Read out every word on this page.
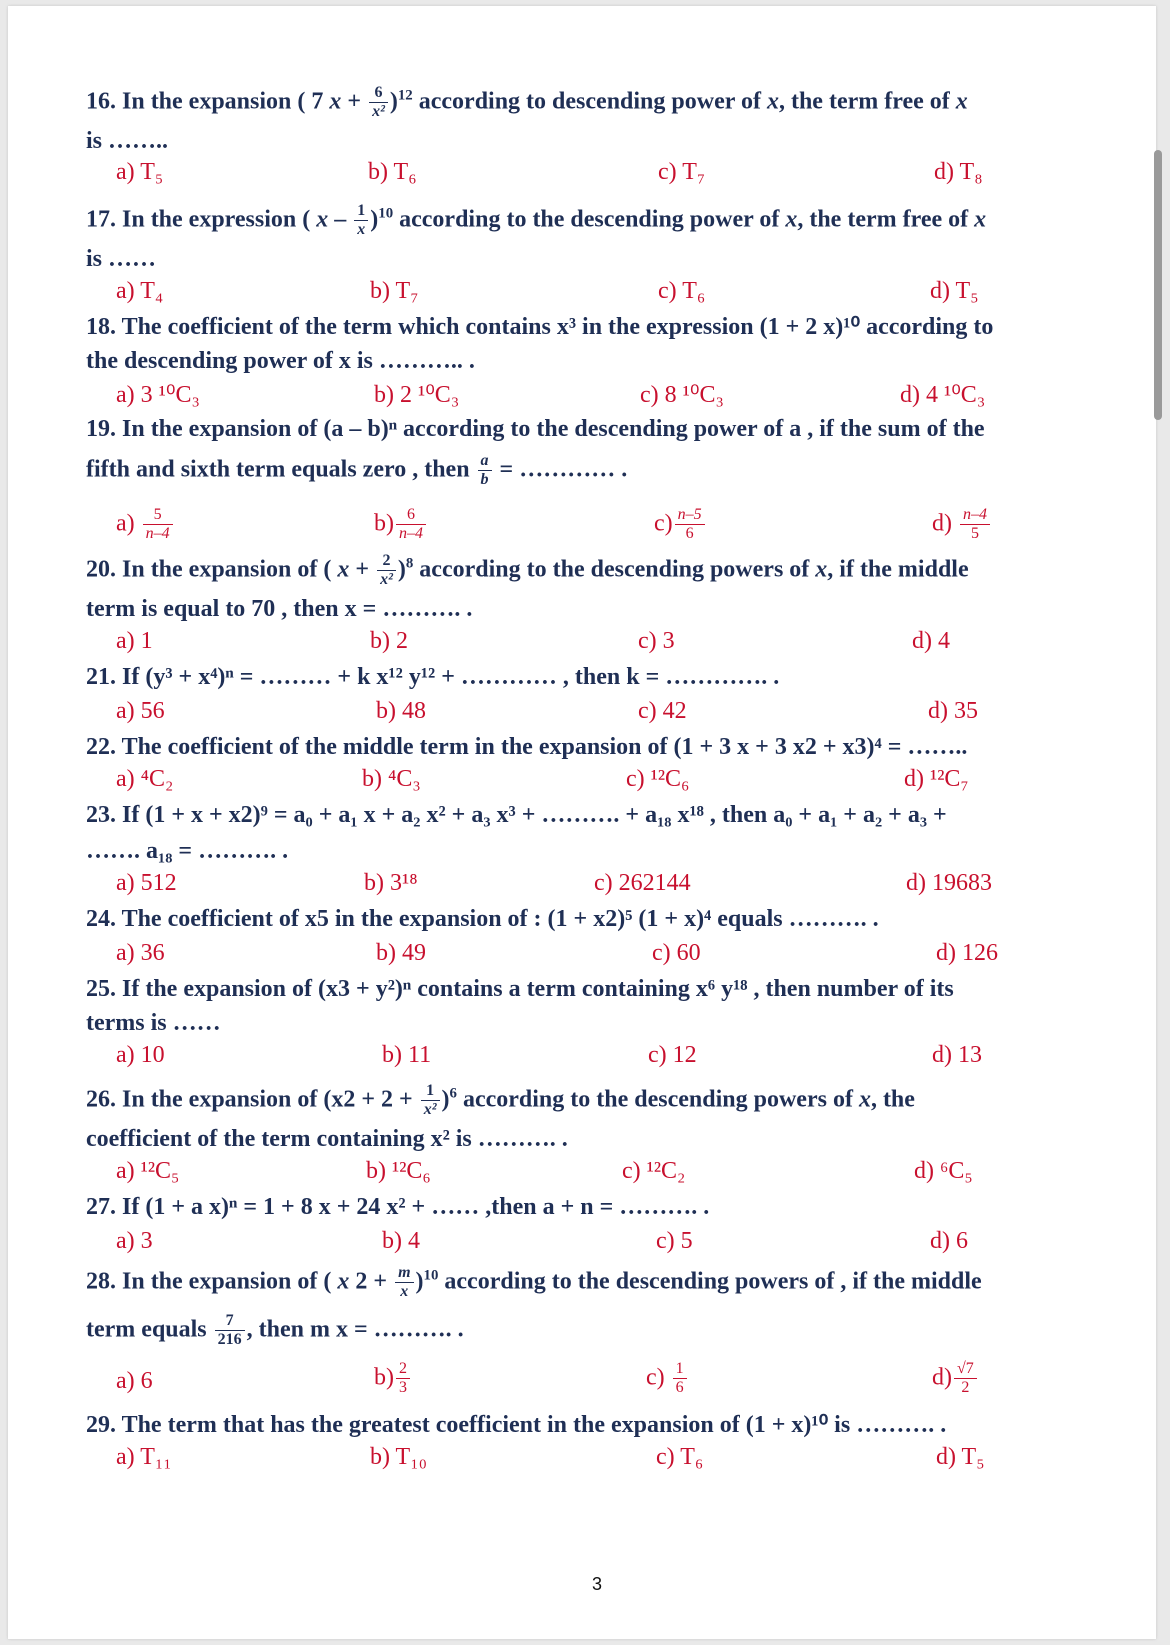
16. In the expansion ( 7 $x + \frac{6}{\text{x²}} )^{12}$ according to descending power of x, the term free of x
is ……..
a) T₅	b) T₆	c) T₇	d) T₈
17. In the expression ( x – $\frac{1}{x} )^{10}$ according to the descending power of x, the term free of x
is ……
a) T₄	b) T₇	c) T₆	d) T₅
18. The coefficient of the term which contains x³ in the expression (1 + 2 x)¹⁰ according to
the descending power of x is ……….. .
a) 3 ¹⁰C₃	b) 2 ¹⁰C₃	c) 8 ¹⁰C₃	d) 4 ¹⁰C₃
19. In the expansion of (a – b)ⁿ according to the descending power of a , if the sum of the
fifth and sixth term equals zero , then $\frac{a}{b}$ = ………… .
$a) \frac{5}{n-4}$	$b) \frac{6}{n-4}$	$c) \frac{n-5}{6}$	$d) \frac{n-4}{5}$
20. In the expansion of ( $x + \frac{2}{\text{x²}} )^8$ according to the descending powers of x, if the middle
term is equal to 70 , then x = ………. .
a) 1	b) 2	c) 3	d) 4
21. If (y³ + x⁴)ⁿ = ……… + k x¹² y¹² + ………… , then k = …………. .
a) 56	b) 48	c) 42	d) 35
22. The coefficient of the middle term in the expansion of (1 + 3 x + 3 x2 + x3)⁴ = ……..
a) ⁴C₂	b) ⁴C₃	c) ¹²C₆	d) ¹²C₇
23. If (1 + x + x2)⁹ = a₀ + a₁ x + a₂ x² + a₃ x³ + ………. + a₁₈ x¹⁸ , then a₀ + a₁ + a₂ + a₃ +
……. a₁₈ = ………. .
a) 512	b) 3¹⁸	c) 262144	d) 19683
24. The coefficient of x5 in the expansion of : (1 + x2)⁵ (1 + x)⁴ equals ………. .
a) 36	b) 49	c) 60	d) 126
25. If the expansion of (x3 + y²)ⁿ contains a term containing x⁶ y¹⁸ , then number of its
terms is ……
a) 10	b) 11	c) 12	d) 13
26. In the expansion of $(x2 + 2 + \frac{1}{\text{x²}} )^6$ according to the descending powers of x, the
coefficient of the term containing x² is ………. .
a) ¹²C₅	b) ¹²C₆	c) ¹²C₂	d) ⁶C₅
27. If (1 + a x)ⁿ = 1 + 8 x + 24 x² + …… ,then a + n = ………. .
a) 3	b) 4	c) 5	d) 6
28. In the expansion of ( x $2 + \frac{m}{x} )^{10}$ according to the descending powers of , if the middle
term equals $\frac{7}{216}$ , then m x = ………. .
a) 6	$b) \frac{2}{3}$	$c) \frac{1}{6}$	$d) \frac{√7}{2}$
29. The term that has the greatest coefficient in the expansion of (1 + x)¹⁰ is ………. .
a) T₁₁	b) T₁₀	c) T₆	d) T₅
3
